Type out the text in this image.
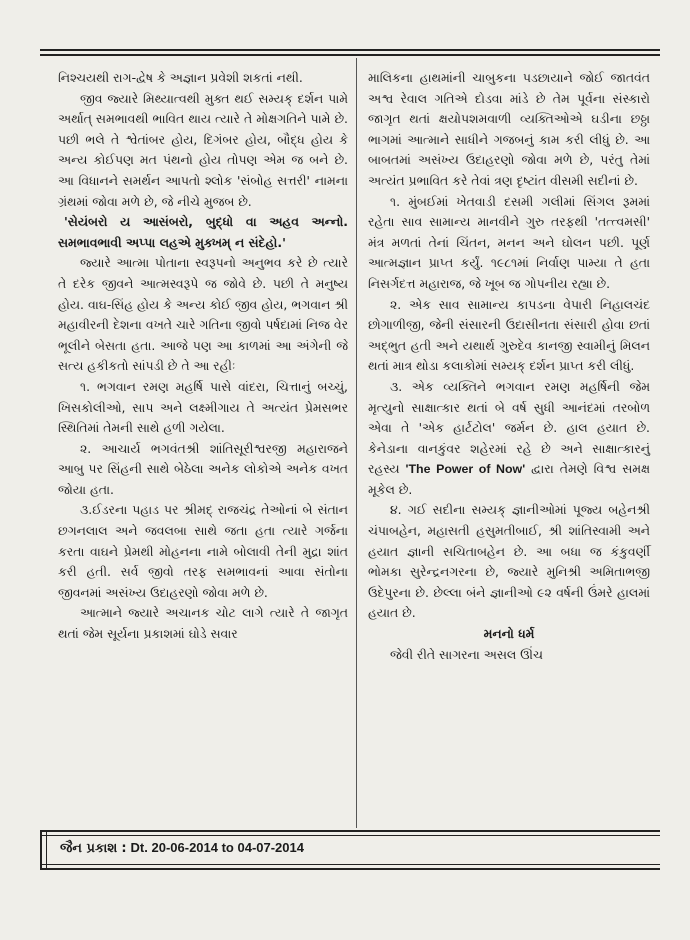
નિશ્ચયથી રાગ-દ્વેષ કે અજ્ઞાન પ્રવેશી શકતાં નથી.

જીવ જ્યારે મિથ્યાત્વથી મુક્ત થઈ સમ્યક્‌ દર્શન પામે અર્થાત્‌ સમભાવથી ભાવિત થાય ત્યારે તે મોક્ષગતિને પામે છે. પછી ભલે તે શ્વેતાંબર હોય, દિગંબર હોય, બૌદ્ધ હોય કે અન્ય કોઈપણ મત પંથનો હોય તોપણ એમ જ બને છે. આ વિધાનને સમર્થન આપતો શ્લોક 'સંબોહ સત્તરી' નામના ગ્રંથમાં જોવા મળે છે, જે નીચે મુજબ છે.

'સેયંબરો ય આસંબરો, બુદ્ધો વા અહવ અન્નો. સમભાવભાવી અપ્પા લહએ મુક્ખમ્‌ ન સંદેહો.'

જ્યારે આત્મા પોતાના સ્વરૂપનો અનુભવ કરે છે ત્યારે તે દરેક જીવને આત્મસ્વરૂપે જ જોવે છે. પછી તે મનુષ્ય હોય. વાઘ-સિંહ હોય કે અન્ય કોઈ જીવ હોય, ભગવાન શ્રી મહાવીરની દેશના વખતે ચારે ગતિના જીવો પર્ષદામાં નિજ વેર ભૂલીને બેસતા હતા. આજે પણ આ કાળમાં આ અંગેની જે સત્ય હકીકતો સાંપડી છે તે આ રહીઃ

૧. ભગવાન રમણ મહર્ષિ પાસે વાંદરા, ચિત્તાનું બચ્ચું, ખિસકોલીઓ, સાપ અને લક્ષ્મીગાય તે અત્યંત પ્રેમસભર સ્થિતિમાં તેમની સાથે હળી ગયેલા.

૨. આચાર્ય ભગવંતશ્રી શાંતિસૂરીશ્વરજી મહારાજને આબુ પર સિંહની સાથે બેઠેલા અનેક લોકોએ અનેક વખત જોયા હતા.

૩.ઈડરના પહાડ પર શ્રીમદ્‌ રાજચંદ્ર તેઓનાં બે સંતાન છગનલાલ અને જવલબા સાથે જતા હતા ત્યારે ગર્જના કરતા વાઘને પ્રેમથી મોહનના નામે બોલાવી તેની મુદ્રા શાંત કરી હતી. સર્વ જીવો તરફ સમભાવનાં આવા સંતોના જીવનમાં અસંખ્ય ઉદાહરણો જોવા મળે છે.

આત્માને જ્યારે અચાનક ચોટ લાગે ત્યારે તે જાગૃત થતાં જેમ સૂર્યના પ્રકાશમાં ઘોડે સવાર

માલિકના હાથમાંની ચાબુકના પડછાયાને જોઈ જાતવંત અશ્વ રેવાલ ગતિએ દોડવા માંડે છે તેમ પૂર્વના સંસ્કારો જાગૃત થતાં ક્ષયોપશમવાળી વ્યક્તિઓએ ઘડીના છઠ્ઠા ભાગમાં આત્માને સાધીને ગજબનું કામ કરી લીધું છે. આ બાબતમાં અસંખ્ય ઉદાહરણો જોવા મળે છે, પરંતુ તેમાં અત્યંત પ્રભાવિત કરે તેવાં ત્રણ દૃષ્ટાંત વીસમી સદીનાં છે.

૧. મુંબઈમાં ખેતવાડી દસમી ગલીમાં સિંગલ રૂમમાં રહેતા સાવ સામાન્ય માનવીને ગુરુ તરફથી 'તત્ત્વમસી' મંત્ર મળતાં તેનાં ચિંતન, મનન અને ઘોલન પછી. પૂર્ણ આત્મજ્ઞાન પ્રાપ્ત કર્યું. ૧૯૮૧માં નિર્વાણ પામ્યા તે હતા નિસર્ગદત્ત મહારાજ, જે ખૂબ જ ગોપનીય રહ્યા છે.

૨. એક સાવ સામાન્ય કાપડના વેપારી નિહાલચંદ છોગાળીજી, જેની સંસારની ઉદાસીનતા સંસારી હોવા છતાં અદ્‌ભુત હતી અને યથાર્થ ગુરુદેવ કાનજી સ્વામીનું મિલન થતાં માત્ર થોડા કલાકોમાં સમ્યક્‌ દર્શન પ્રાપ્ત કરી લીધું.

૩. એક વ્યક્તિને ભગવાન રમણ મહર્ષિની જેમ મૃત્યુનો સાક્ષાત્કાર થતાં બે વર્ષ સુધી આનંદમાં તરબોળ એવા તે 'એક હાર્ટટોલ' જર્મન છે. હાલ હયાત છે. કેનેડાના વાનકુંવર શહેરમાં રહે છે અને સાક્ષાત્કારનું રહસ્ય 'The Power of Now' દ્વારા તેમણે વિશ્વ સમક્ષ મૂકેલ છે.

૪. ગઈ સદીના સમ્યક્‌ જ્ઞાનીઓમાં પૂજ્ય બહેનશ્રી ચંપાબહેન, મહાસતી હસુમતીબાઈ, શ્રી શાંતિસ્વામી અને હયાત જ્ઞાની સચિતાબહેન છે. આ બધા જ કંકુવર્ણી ભોમકા સુરેન્દ્રનગરના છે, જ્યારે મુનિશ્રી અમિતાભજી ઉદેપુરના છે. છેલ્લા બંને જ્ઞાનીઓ ૯૨ વર્ષની ઉંમરે હાલમાં હયાત છે.

મનનો ધર્મ

જેવી રીતે સાગરના અસલ ઊંચ

જૈન પ્રકાશ : Dt. 20-06-2014 to 04-07-2014
